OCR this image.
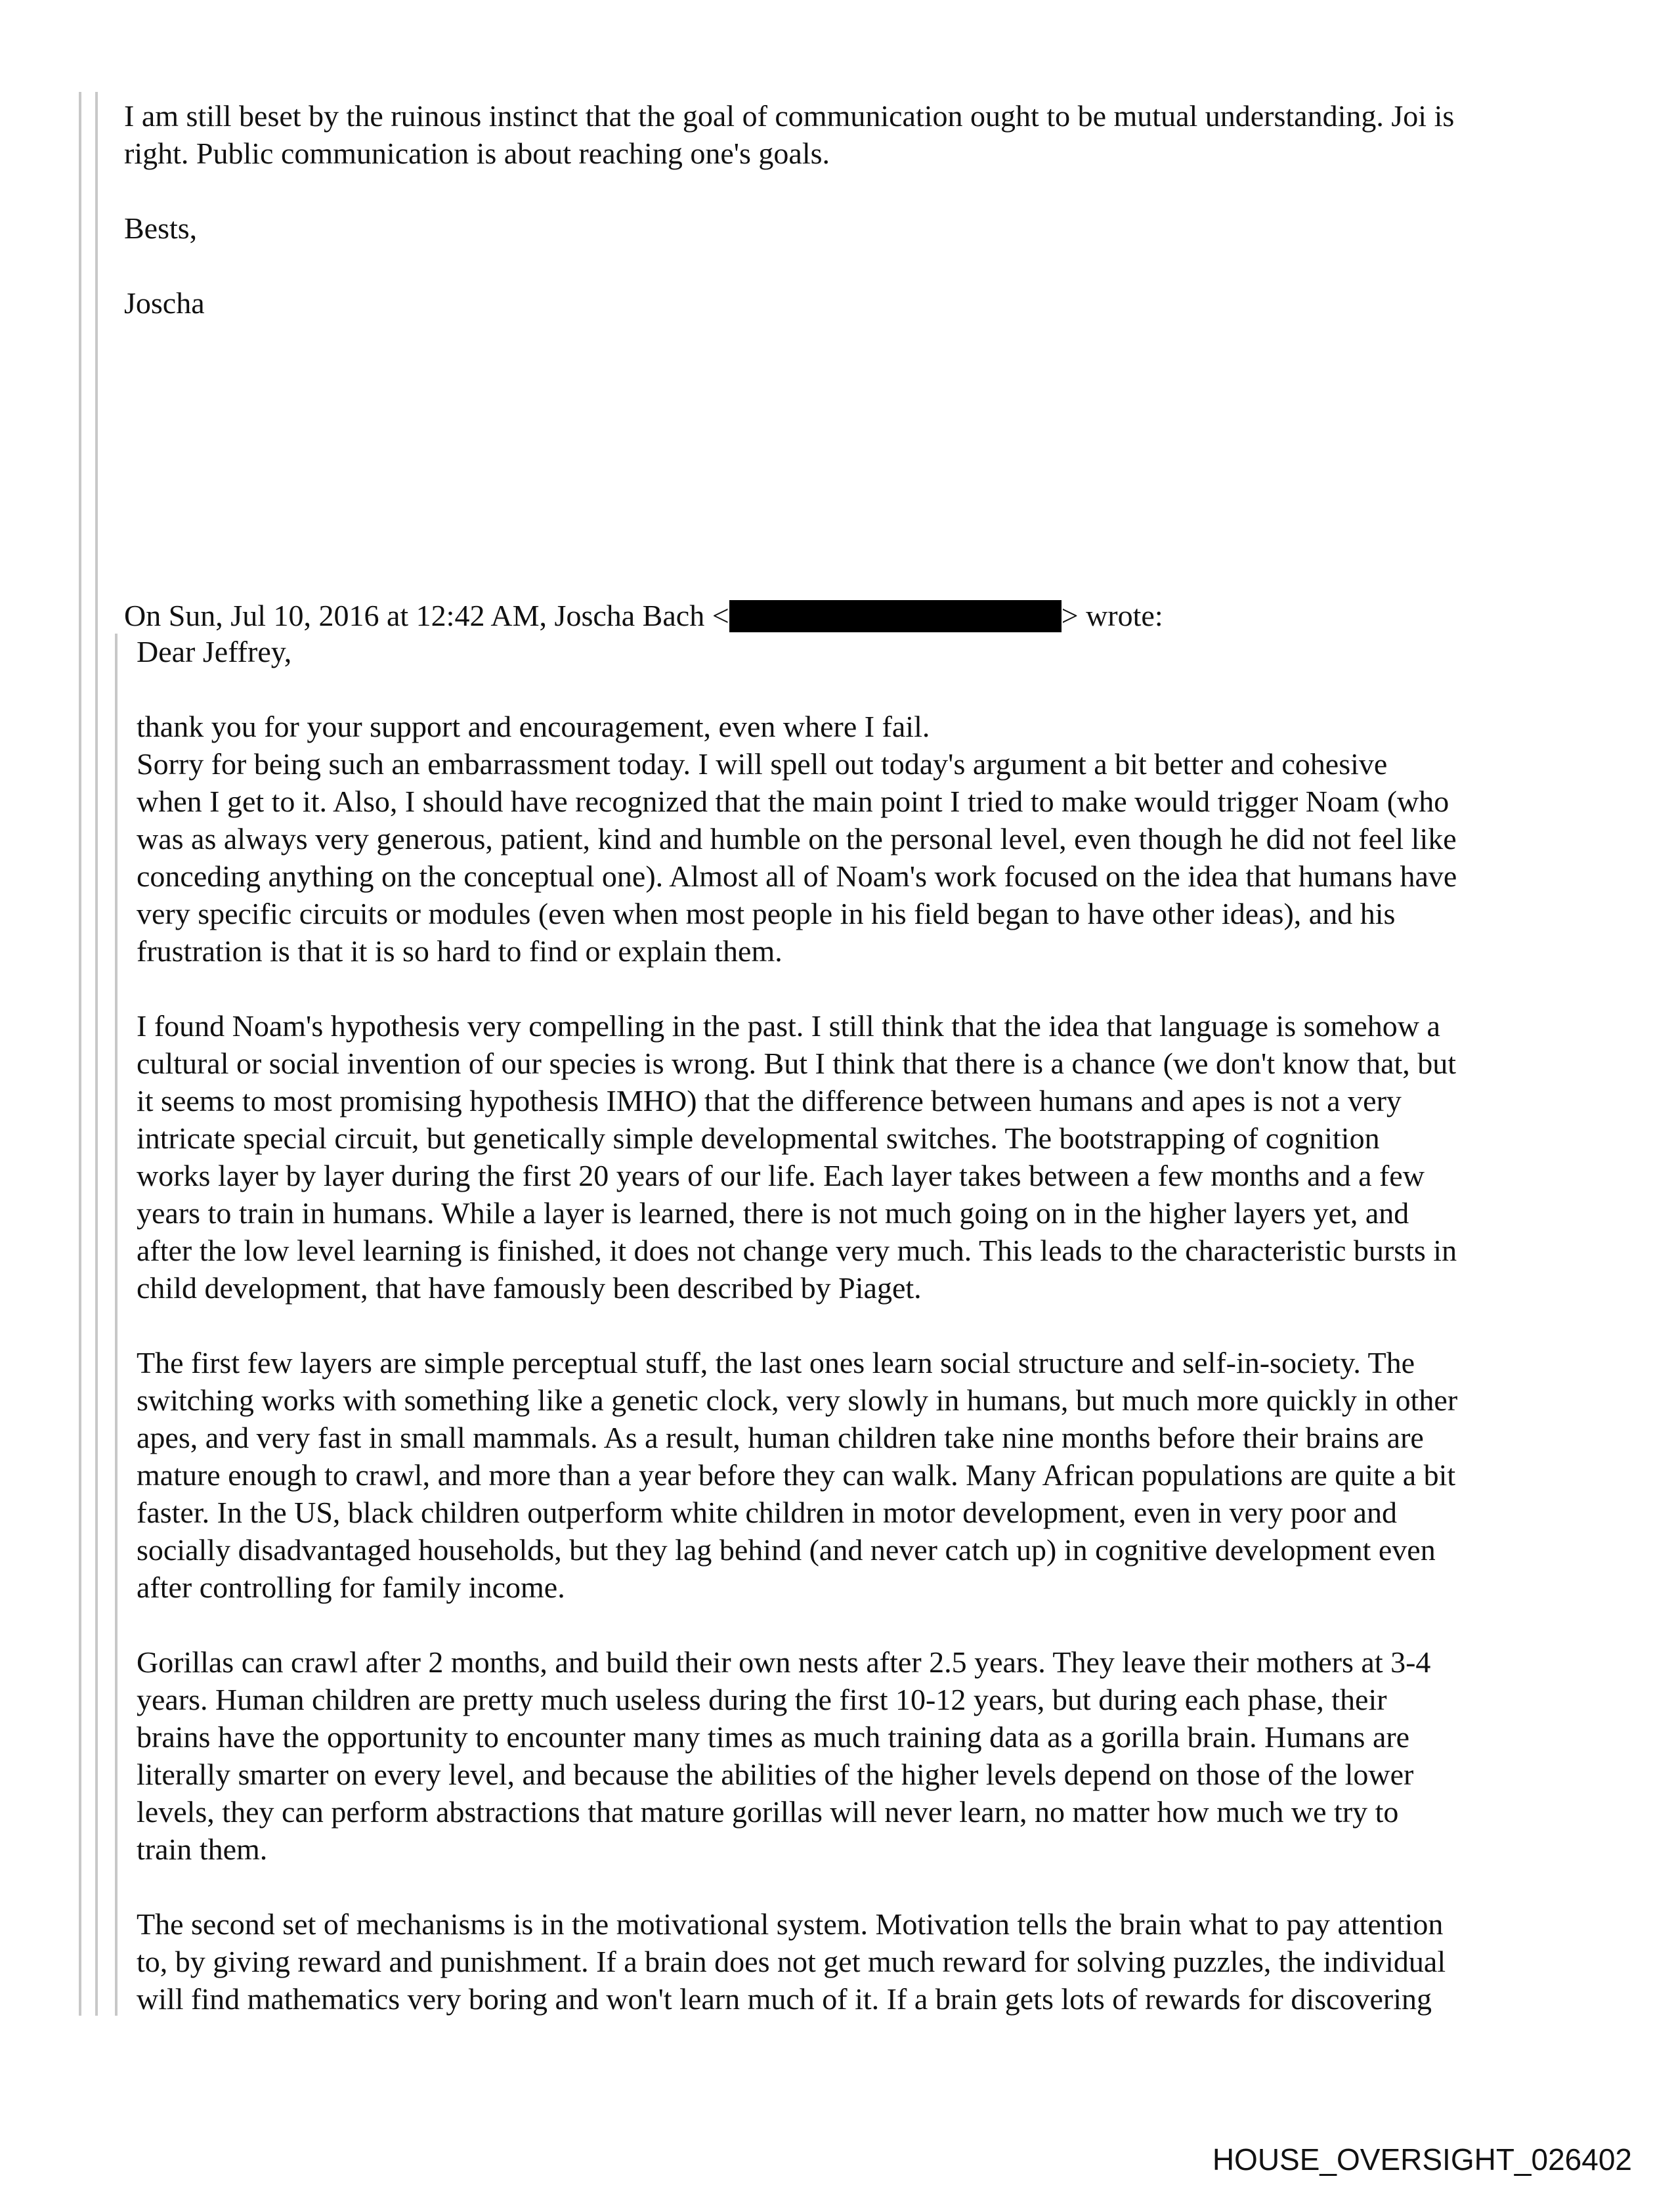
I am still beset by the ruinous instinct that the goal of communication ought to be mutual understanding. Joi is
right. Public communication is about reaching one's goals.
Bests,
Joscha
On Sun, Jul 10, 2016 at 12:42 AM, Joscha Bach <	> wrote:
Dear Jeffrey,
thank you for your support and encouragement, even where I fail.
Sorry for being such an embarrassment today. I will spell out today's argument a bit better and cohesive
when I get to it. Also, I should have recognized that the main point I tried to make would trigger Noam (who
was as always very generous, patient, kind and humble on the personal level, even though he did not feel like
conceding anything on the conceptual one). Almost all of Noam's work focused on the idea that humans have
very specific circuits or modules (even when most people in his field began to have other ideas), and his
frustration is that it is so hard to find or explain them.
I found Noam's hypothesis very compelling in the past. I still think that the idea that language is somehow a
cultural or social invention of our species is wrong. But I think that there is a chance (we don't know that, but
it seems to most promising hypothesis IMHO) that the difference between humans and apes is not a very
intricate special circuit, but genetically simple developmental switches. The bootstrapping of cognition
works layer by layer during the first 20 years of our life. Each layer takes between a few months and a few
years to train in humans. While a layer is learned, there is not much going on in the higher layers yet, and
after the low level learning is finished, it does not change very much. This leads to the characteristic bursts in
child development, that have famously been described by Piaget.
The first few layers are simple perceptual stuff, the last ones learn social structure and self-in-society. The
switching works with something like a genetic clock, very slowly in humans, but much more quickly in other
apes, and very fast in small mammals. As a result, human children take nine months before their brains are
mature enough to crawl, and more than a year before they can walk. Many African populations are quite a bit
faster. In the US, black children outperform white children in motor development, even in very poor and
socially disadvantaged households, but they lag behind (and never catch up) in cognitive development even
after controlling for family income.
Gorillas can crawl after 2 months, and build their own nests after 2.5 years. They leave their mothers at 3-4
years. Human children are pretty much useless during the first 10-12 years, but during each phase, their
brains have the opportunity to encounter many times as much training data as a gorilla brain. Humans are
literally smarter on every level, and because the abilities of the higher levels depend on those of the lower
levels, they can perform abstractions that mature gorillas will never learn, no matter how much we try to
train them.
The second set of mechanisms is in the motivational system. Motivation tells the brain what to pay attention
to, by giving reward and punishment. If a brain does not get much reward for solving puzzles, the individual
will find mathematics very boring and won't learn much of it. If a brain gets lots of rewards for discovering
HOUSE_OVERSIGHT_026402
